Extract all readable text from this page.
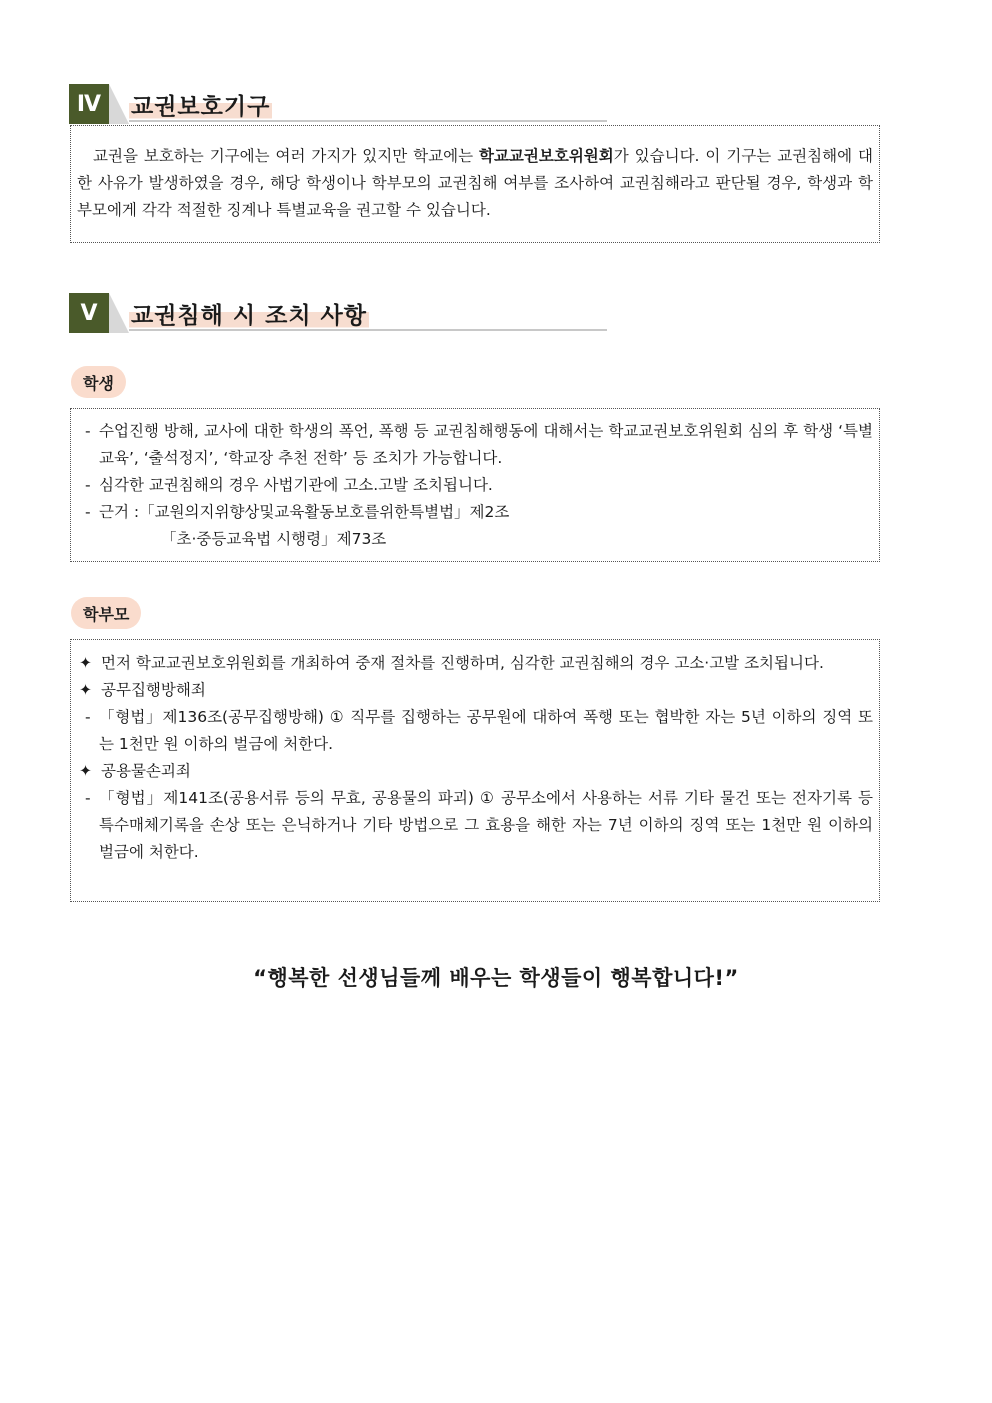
Ⅳ	교권보호기구
교권을 보호하는 기구에는 여러 가지가 있지만 학교에는 학교교권보호위원회가 있습니다. 이 기구는 교권침해에 대한 사유가 발생하였을 경우, 해당 학생이나 학부모의 교권침해 여부를 조사하여 교권침해라고 판단될 경우, 학생과 학부모에게 각각 적절한 징계나 특별교육을 권고할 수 있습니다.
Ⅴ	교권침해 시 조치 사항
학생
- 수업진행 방해, 교사에 대한 학생의 폭언, 폭행 등 교권침해행동에 대해서는 학교교권보호위원회 심의 후 학생 ‘특별교육’, ‘출석정지’, ‘학교장 추천 전학’ 등 조치가 가능합니다.
- 심각한 교권침해의 경우 사법기관에 고소.고발 조치됩니다.
- 근거 :「교원의지위향상및교육활동보호를위한특별법」제2조
「초·중등교육법 시행령」제73조
학부모
✦ 먼저 학교교권보호위원회를 개최하여 중재 절차를 진행하며, 심각한 교권침해의 경우 고소·고발 조치됩니다.
✦ 공무집행방해죄
- 「형법」제136조(공무집행방해) ① 직무를 집행하는 공무원에 대하여 폭행 또는 협박한 자는 5년 이하의 징역 또는 1천만 원 이하의 벌금에 처한다.
✦ 공용물손괴죄
- 「형법」제141조(공용서류 등의 무효, 공용물의 파괴) ① 공무소에서 사용하는 서류 기타 물건 또는 전자기록 등 특수매체기록을 손상 또는 은닉하거나 기타 방법으로 그 효용을 해한 자는 7년 이하의 징역 또는 1천만 원 이하의 벌금에 처한다.
“행복한 선생님들께 배우는 학생들이 행복합니다!”
